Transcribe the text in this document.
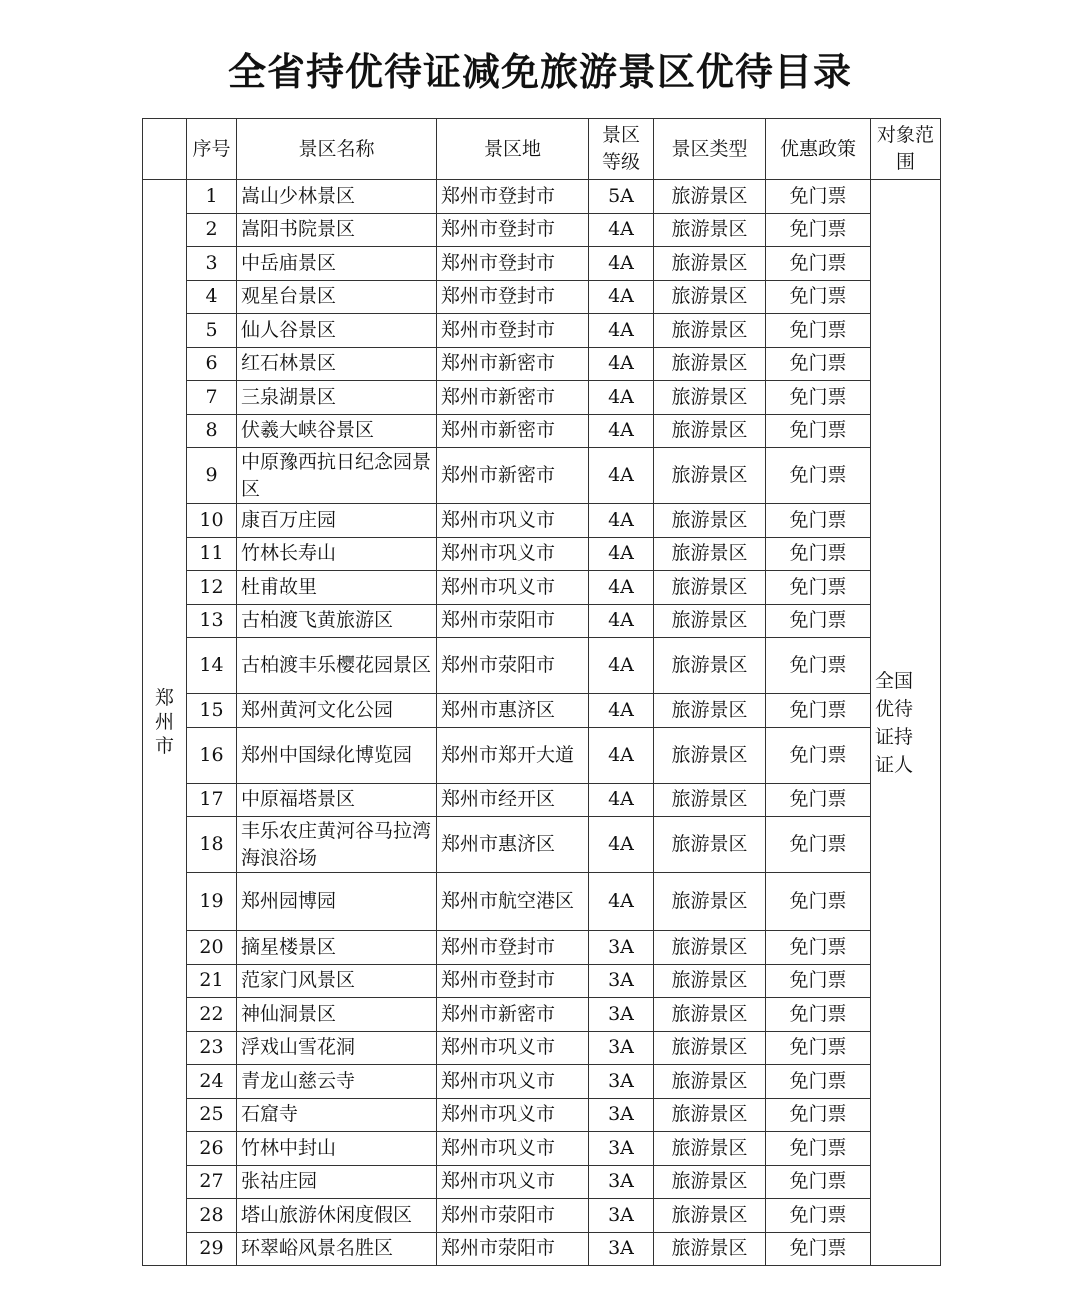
全省持优待证减免旅游景区优待目录
	序号	景区名称	景区地	景区等级	景区类型	优惠政策	对象范围
郑州市	1	嵩山少林景区	郑州市登封市	5A	旅游景区	免门票	全国优待证持证人
	2	嵩阳书院景区	郑州市登封市	4A	旅游景区	免门票	
	3	中岳庙景区	郑州市登封市	4A	旅游景区	免门票	
	4	观星台景区	郑州市登封市	4A	旅游景区	免门票	
	5	仙人谷景区	郑州市登封市	4A	旅游景区	免门票	
	6	红石林景区	郑州市新密市	4A	旅游景区	免门票	
	7	三泉湖景区	郑州市新密市	4A	旅游景区	免门票	
	8	伏羲大峡谷景区	郑州市新密市	4A	旅游景区	免门票	
	9	中原豫西抗日纪念园景区	郑州市新密市	4A	旅游景区	免门票	
	10	康百万庄园	郑州市巩义市	4A	旅游景区	免门票	
	11	竹林长寿山	郑州市巩义市	4A	旅游景区	免门票	
	12	杜甫故里	郑州市巩义市	4A	旅游景区	免门票	
	13	古柏渡飞黄旅游区	郑州市荥阳市	4A	旅游景区	免门票	
	14	古柏渡丰乐樱花园景区	郑州市荥阳市	4A	旅游景区	免门票	
	15	郑州黄河文化公园	郑州市惠济区	4A	旅游景区	免门票	
	16	郑州中国绿化博览园	郑州市郑开大道	4A	旅游景区	免门票	
	17	中原福塔景区	郑州市经开区	4A	旅游景区	免门票	
	18	丰乐农庄黄河谷马拉湾海浪浴场	郑州市惠济区	4A	旅游景区	免门票	
	19	郑州园博园	郑州市航空港区	4A	旅游景区	免门票	
	20	摘星楼景区	郑州市登封市	3A	旅游景区	免门票	
	21	范家门风景区	郑州市登封市	3A	旅游景区	免门票	
	22	神仙洞景区	郑州市新密市	3A	旅游景区	免门票	
	23	浮戏山雪花洞	郑州市巩义市	3A	旅游景区	免门票	
	24	青龙山慈云寺	郑州市巩义市	3A	旅游景区	免门票	
	25	石窟寺	郑州市巩义市	3A	旅游景区	免门票	
	26	竹林中封山	郑州市巩义市	3A	旅游景区	免门票	
	27	张祜庄园	郑州市巩义市	3A	旅游景区	免门票	
	28	塔山旅游休闲度假区	郑州市荥阳市	3A	旅游景区	免门票	
	29	环翠峪风景名胜区	郑州市荥阳市	3A	旅游景区	免门票	
